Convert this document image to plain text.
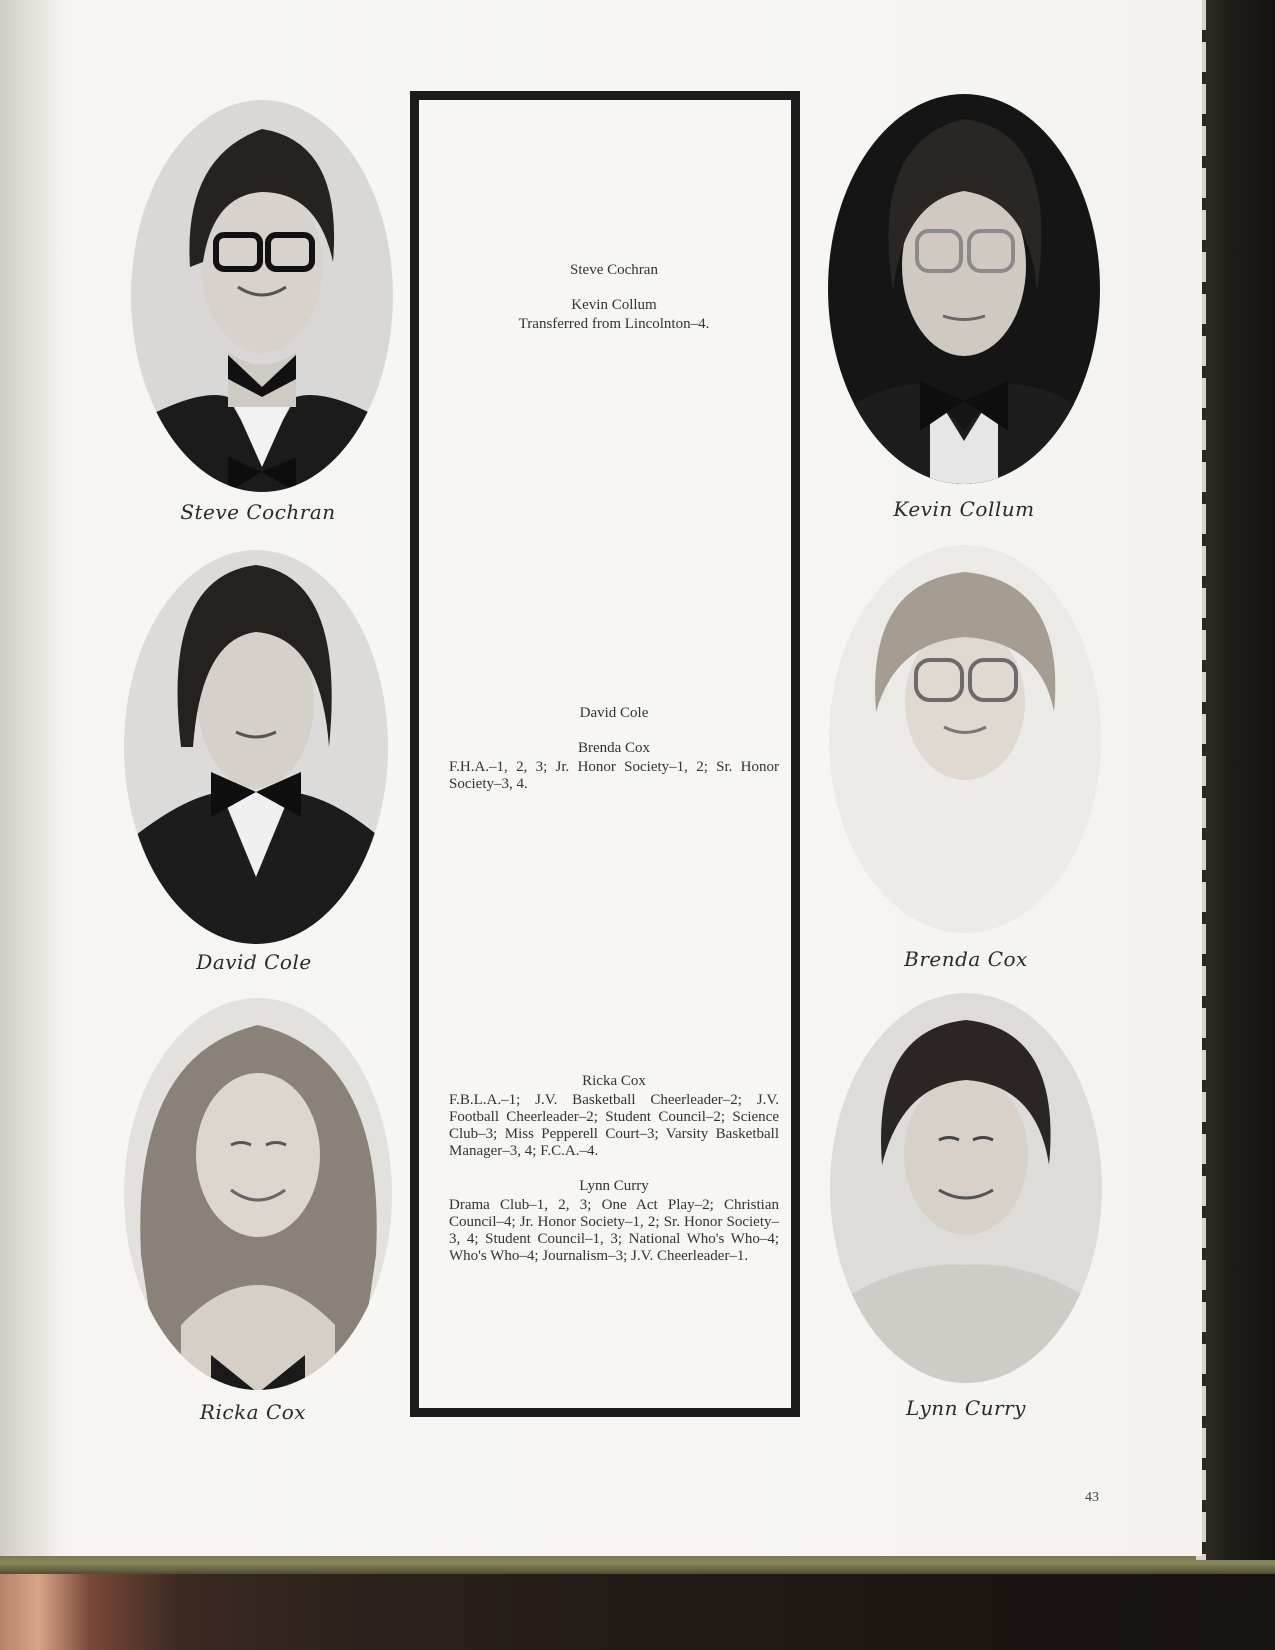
Steve Cochran	Kevin Collum
David Cole	Brenda Cox
Ricka Cox	Lynn Curry
Steve Cochran
Kevin Collum
Transferred from Lincolnton–4.
David Cole
Brenda Cox
F.H.A.–1, 2, 3; Jr. Honor Society–1, 2; Sr. Honor Society–3, 4.
Ricka Cox
F.B.L.A.–1; J.V. Basketball Cheerleader–2; J.V. Football Cheerleader–2; Student Council–2; Science Club–3; Miss Pepperell Court–3; Varsity Basketball Manager–3, 4; F.C.A.–4.
Lynn Curry
Drama Club–1, 2, 3; One Act Play–2; Christian Council–4; Jr. Honor Society–1, 2; Sr. Honor Society–3, 4; Student Council–1, 3; National Who's Who–4; Who's Who–4; Journalism–3; J.V. Cheerleader–1.
43
